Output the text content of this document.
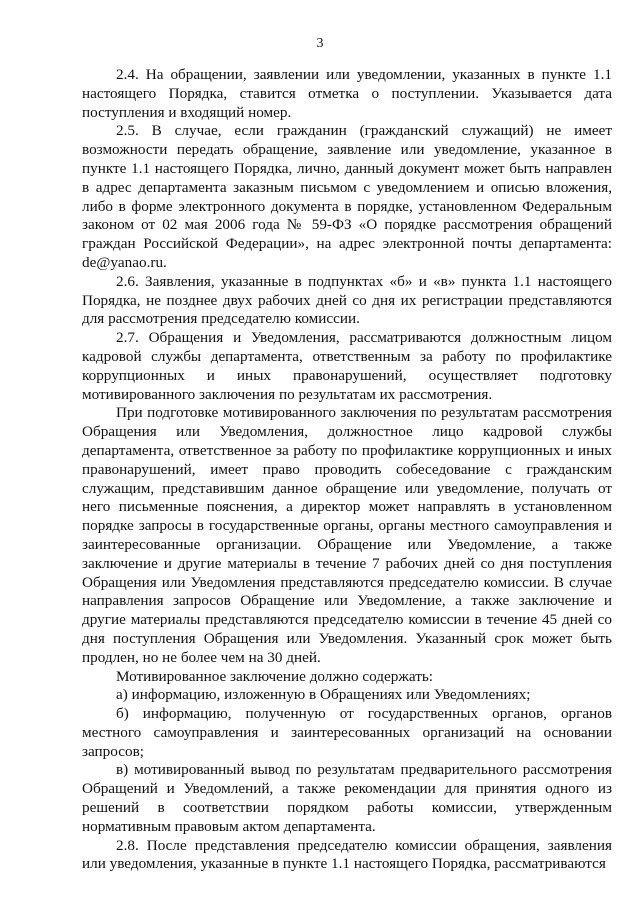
3

2.4. На обращении, заявлении или уведомлении, указанных в пункте 1.1 настоящего Порядка, ставится отметка о поступлении. Указывается дата поступления и входящий номер.

2.5. В случае, если гражданин (гражданский служащий) не имеет возможности передать обращение, заявление или уведомление, указанное в пункте 1.1 настоящего Порядка, лично, данный документ может быть направлен в адрес департамента заказным письмом с уведомлением и описью вложения, либо в форме электронного документа в порядке, установленном Федеральным законом от 02 мая 2006 года № 59-ФЗ «О порядке рассмотрения обращений граждан Российской Федерации», на адрес электронной почты департамента: de@yanao.ru.

2.6. Заявления, указанные в подпунктах «б» и «в» пункта 1.1 настоящего Порядка, не позднее двух рабочих дней со дня их регистрации представляются для рассмотрения председателю комиссии.

2.7. Обращения и Уведомления, рассматриваются должностным лицом кадровой службы департамента, ответственным за работу по профилактике коррупционных и иных правонарушений, осуществляет подготовку мотивированного заключения по результатам их рассмотрения.

При подготовке мотивированного заключения по результатам рассмотрения Обращения или Уведомления, должностное лицо кадровой службы департамента, ответственное за работу по профилактике коррупционных и иных правонарушений, имеет право проводить собеседование с гражданским служащим, представившим данное обращение или уведомление, получать от него письменные пояснения, а директор может направлять в установленном порядке запросы в государственные органы, органы местного самоуправления и заинтересованные организации. Обращение или Уведомление, а также заключение и другие материалы в течение 7 рабочих дней со дня поступления Обращения или Уведомления представляются председателю комиссии. В случае направления запросов Обращение или Уведомление, а также заключение и другие материалы представляются председателю комиссии в течение 45 дней со дня поступления Обращения или Уведомления. Указанный срок может быть продлен, но не более чем на 30 дней.

Мотивированное заключение должно содержать:

а) информацию, изложенную в Обращениях или Уведомлениях;

б) информацию, полученную от государственных органов, органов местного самоуправления и заинтересованных организаций на основании запросов;

в) мотивированный вывод по результатам предварительного рассмотрения Обращений и Уведомлений, а также рекомендации для принятия одного из решений в соответствии порядком работы комиссии, утвержденным нормативным правовым актом департамента.

2.8. После представления председателю комиссии обращения, заявления или уведомления, указанные в пункте 1.1 настоящего Порядка, рассматриваются
